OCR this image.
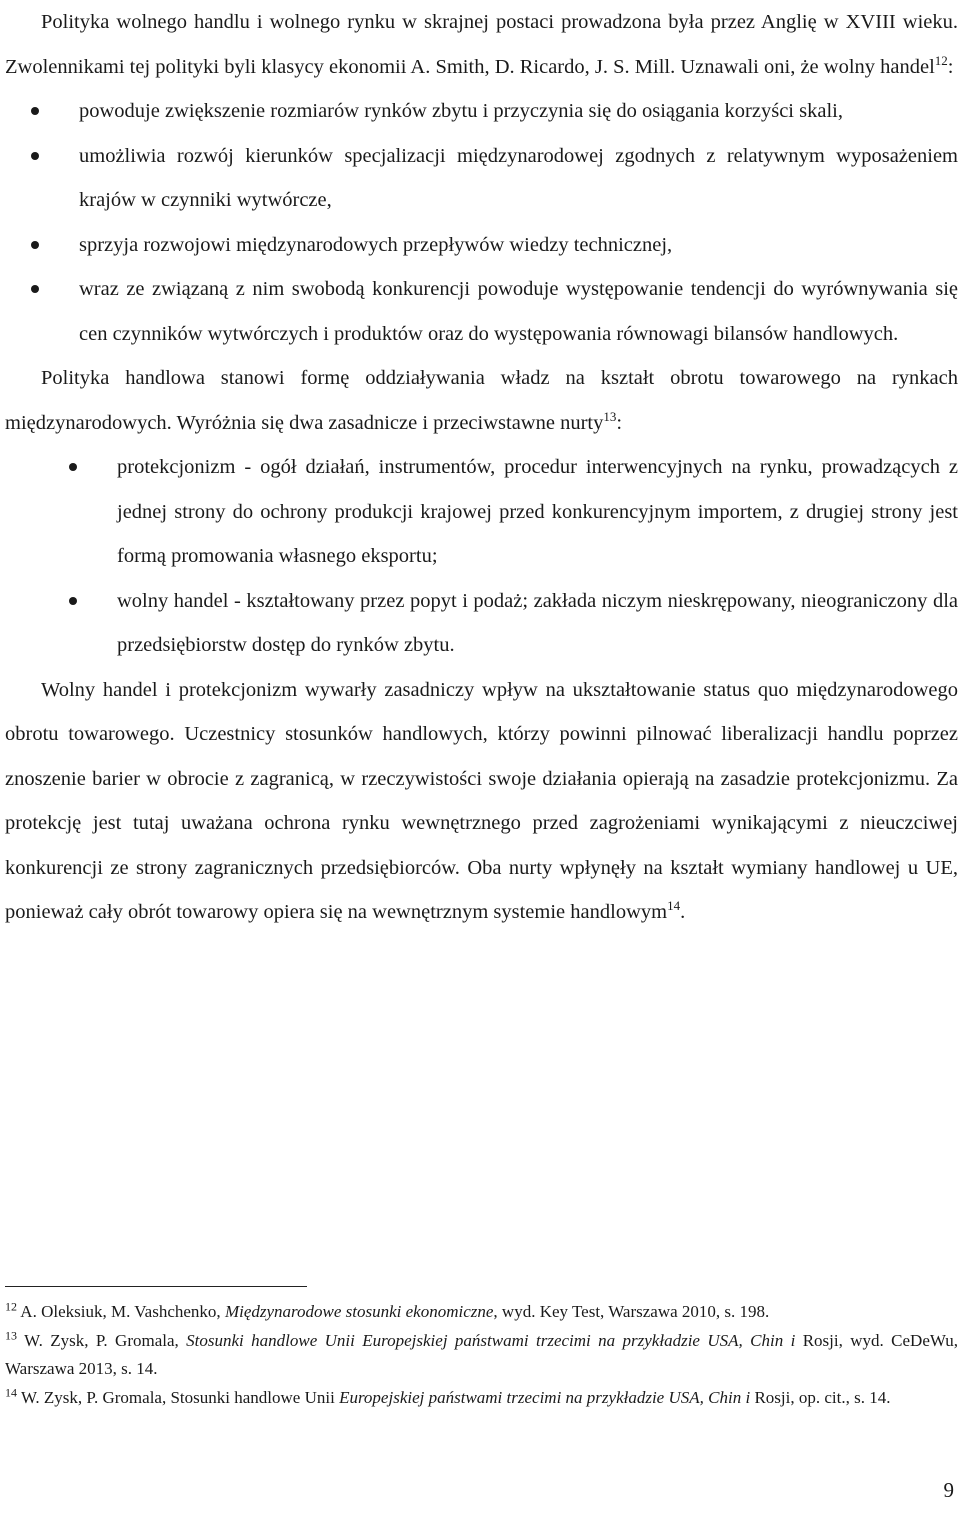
Polityka wolnego handlu i wolnego rynku w skrajnej postaci prowadzona była przez Anglię w XVIII wieku. Zwolennikami tej polityki byli klasycy ekonomii A. Smith, D. Ricardo, J. S. Mill. Uznawali oni, że wolny handel$^{12}$:

powoduje zwiększenie rozmiarów rynków zbytu i przyczynia się do osiągania korzyści skali,
umożliwia rozwój kierunków specjalizacji międzynarodowej zgodnych z relatywnym wyposażeniem krajów w czynniki wytwórcze,
sprzyja rozwojowi międzynarodowych przepływów wiedzy technicznej,
wraz ze związaną z nim swobodą konkurencji powoduje występowanie tendencji do wyrównywania się cen czynników wytwórczych i produktów oraz do występowania równowagi bilansów handlowych.

Polityka handlowa stanowi formę oddziaływania władz na kształt obrotu towarowego na rynkach międzynarodowych. Wyróżnia się dwa zasadnicze i przeciwstawne nurty$^{13}$:

protekcjonizm - ogół działań, instrumentów, procedur interwencyjnych na rynku, prowadzących z jednej strony do ochrony produkcji krajowej przed konkurencyjnym importem, z drugiej strony jest formą promowania własnego eksportu;
wolny handel - kształtowany przez popyt i podaż; zakłada niczym nieskrępowany, nieograniczony dla przedsiębiorstw dostęp do rynków zbytu.

Wolny handel i protekcjonizm wywarły zasadniczy wpływ na ukształtowanie status quo międzynarodowego obrotu towarowego. Uczestnicy stosunków handlowych, którzy powinni pilnować liberalizacji handlu poprzez znoszenie barier w obrocie z zagranicą, w rzeczywistości swoje działania opierają na zasadzie protekcjonizmu. Za protekcję jest tutaj uważana ochrona rynku wewnętrznego przed zagrożeniami wynikającymi z nieuczciwej konkurencji ze strony zagranicznych przedsiębiorców. Oba nurty wpłynęły na kształt wymiany handlowej u UE, ponieważ cały obrót towarowy opiera się na wewnętrznym systemie handlowym$^{14}$.

$^{12}$ A. Oleksiuk, M. Vashchenko, Międzynarodowe stosunki ekonomiczne, wyd. Key Test, Warszawa 2010, s. 198.

$^{13}$ W. Zysk, P. Gromala, Stosunki handlowe Unii Europejskiej państwami trzecimi na przykładzie USA, Chin i Rosji, wyd. CeDeWu, Warszawa 2013, s. 14.

$^{14}$ W. Zysk, P. Gromala, Stosunki handlowe Unii Europejskiej państwami trzecimi na przykładzie USA, Chin i Rosji, op. cit., s. 14.

9
